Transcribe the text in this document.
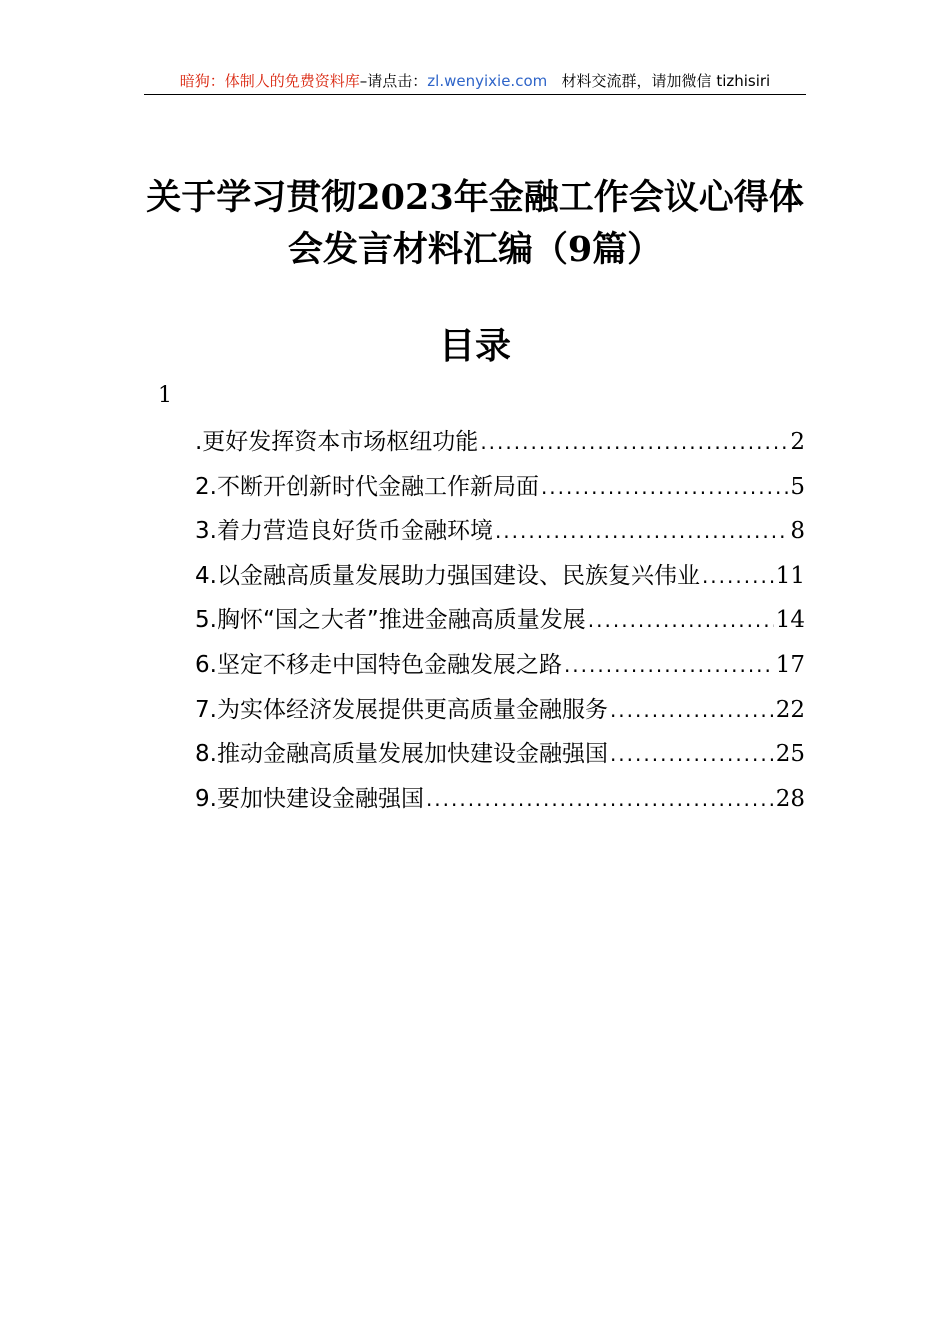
暗狗：体制人的免费资料库–请点击：zl.wenyixie.com 材料交流群，请加微信 tizhisiri
关于学习贯彻2023年金融工作会议心得体会发言材料汇编（9篇）
目录
1
.更好发挥资本市场枢纽功能 .....	2
2.不断开创新时代金融工作新局面 .....	5
3.着力营造良好货币金融环境 .....	8
4.以金融高质量发展助力强国建设、民族复兴伟业 .....	11
5.胸怀“国之大者”推进金融高质量发展 .....	14
6.坚定不移走中国特色金融发展之路 .....	17
7.为实体经济发展提供更高质量金融服务 .....	22
8.推动金融高质量发展加快建设金融强国 .....	25
9.要加快建设金融强国 .....	28
